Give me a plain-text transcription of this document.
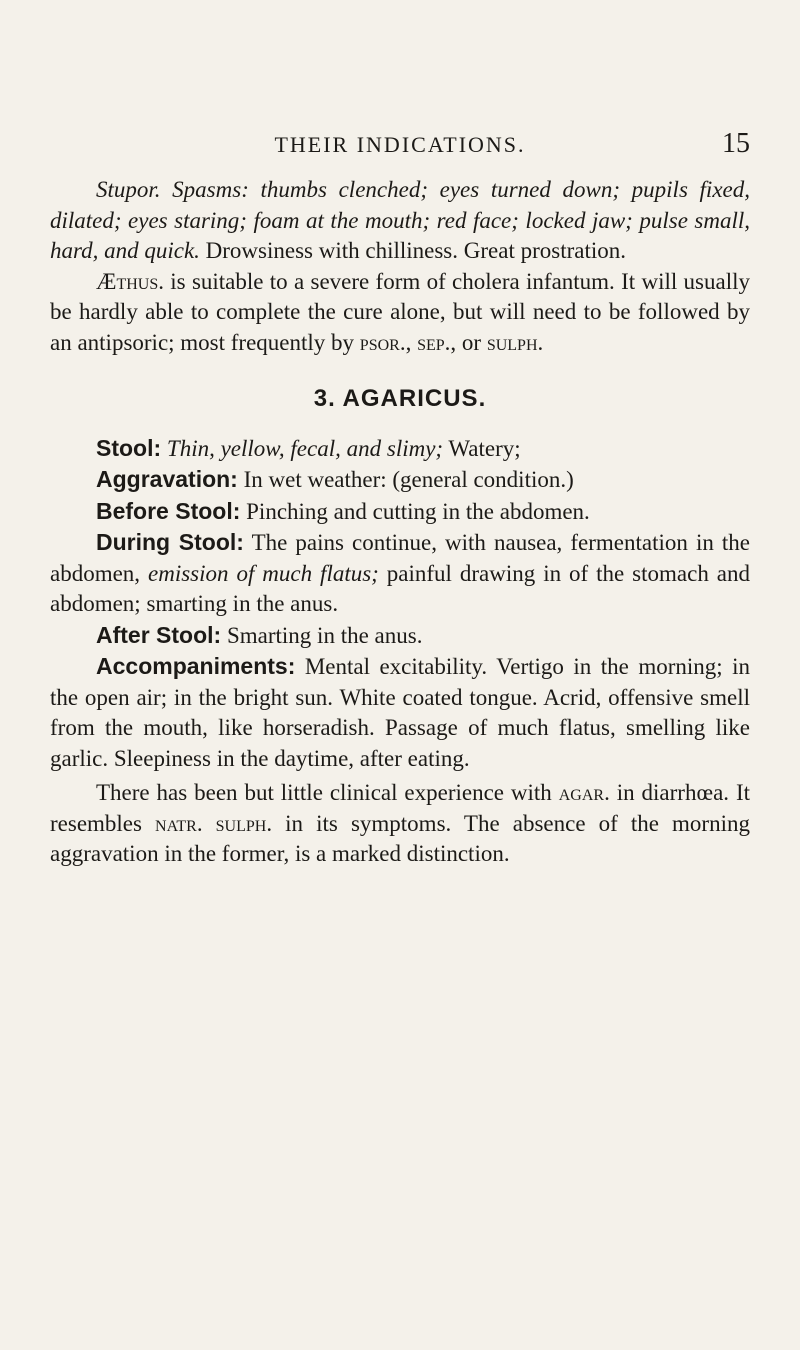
THEIR INDICATIONS.	15

Stupor. Spasms: thumbs clenched; eyes turned down; pupils fixed, dilated; eyes staring; foam at the mouth; red face; locked jaw; pulse small, hard, and quick. Drowsiness with chilliness. Great prostration.

Æthus. is suitable to a severe form of cholera infantum. It will usually be hardly able to complete the cure alone, but will need to be followed by an antipsoric; most frequently by psor., sep., or sulph.

3. AGARICUS.

Stool: Thin, yellow, fecal, and slimy; Watery;

Aggravation: In wet weather: (general condition.)

Before Stool: Pinching and cutting in the abdomen.

During Stool: The pains continue, with nausea, fermentation in the abdomen, emission of much flatus; painful drawing in of the stomach and abdomen; smarting in the anus.

After Stool: Smarting in the anus.

Accompaniments: Mental excitability. Vertigo in the morning; in the open air; in the bright sun. White coated tongue. Acrid, offensive smell from the mouth, like horseradish. Passage of much flatus, smelling like garlic. Sleepiness in the daytime, after eating.

There has been but little clinical experience with agar. in diarrhœa. It resembles natr. sulph. in its symptoms. The absence of the morning aggravation in the former, is a marked distinction.
